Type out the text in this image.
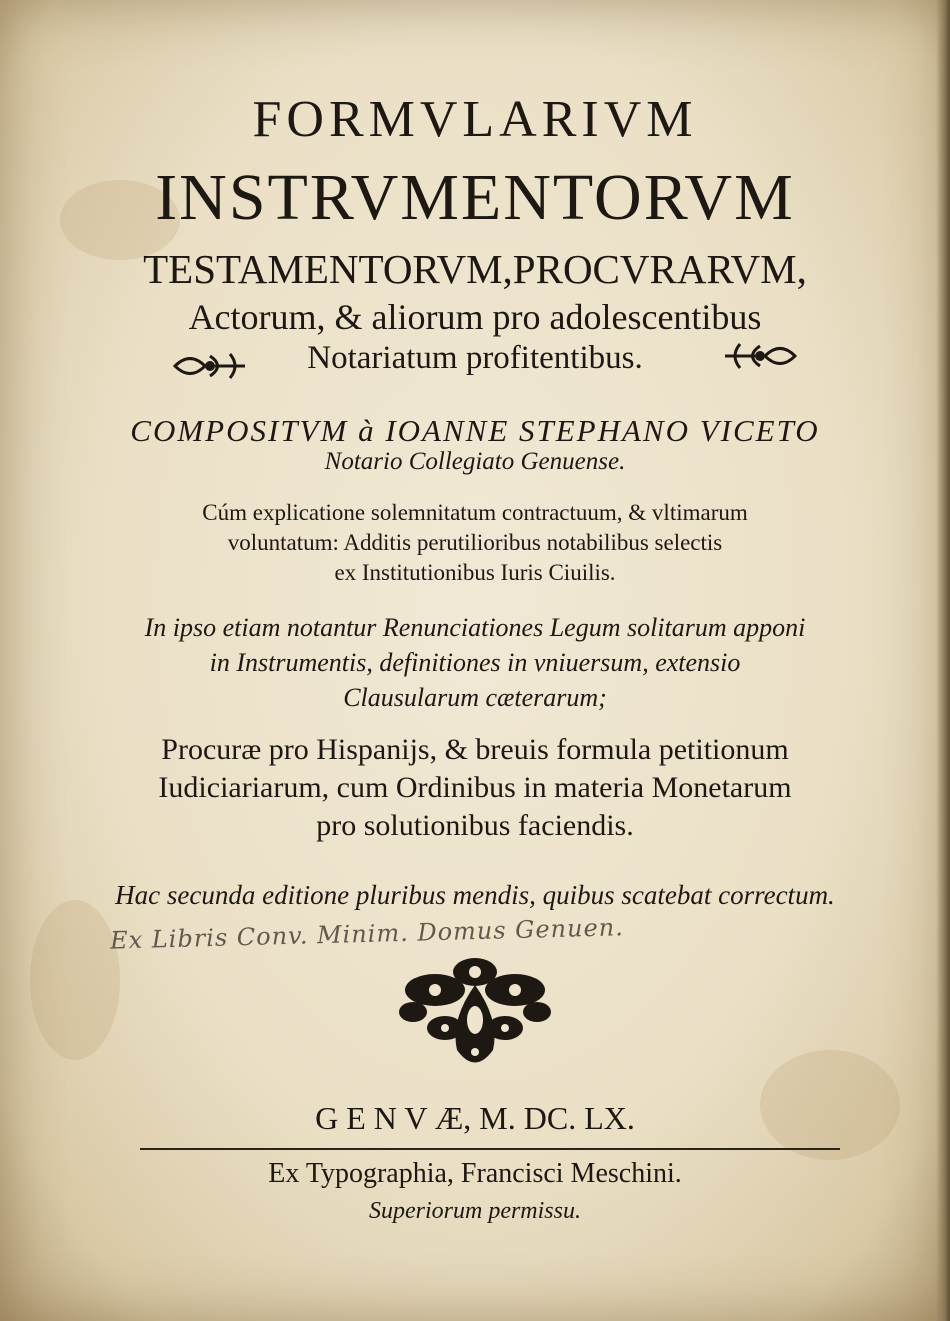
FORMVLARIVM
INSTRVMENTORVM
TESTAMENTORVM,PROCVRARVM,
Actorum, & aliorum pro adolescentibus
Notariatum profitentibus.
COMPOSITVM à IOANNE STEPHANO VICETO
Notario Collegiato Genuense.
Cúm explicatione solemnitatum contractuum, & vltimarum
voluntatum: Additis perutilioribus notabilibus selectis
ex Institutionibus Iuris Ciuilis.
In ipso etiam notantur Renunciationes Legum solitarum apponi
in Instrumentis, definitiones in vniuersum, extensio
Clausularum cæterarum;
Procuræ pro Hispanijs, & breuis formula petitionum
Iudiciariarum, cum Ordinibus in materia Monetarum
pro solutionibus faciendis.
Hac secunda editione pluribus mendis, quibus scatebat correctum.
Ex Libris Conv. Minim. Domus Genuen.
G E N V Æ, M. DC. LX.
Ex Typographia, Francisci Meschini.
Superiorum permissu.
